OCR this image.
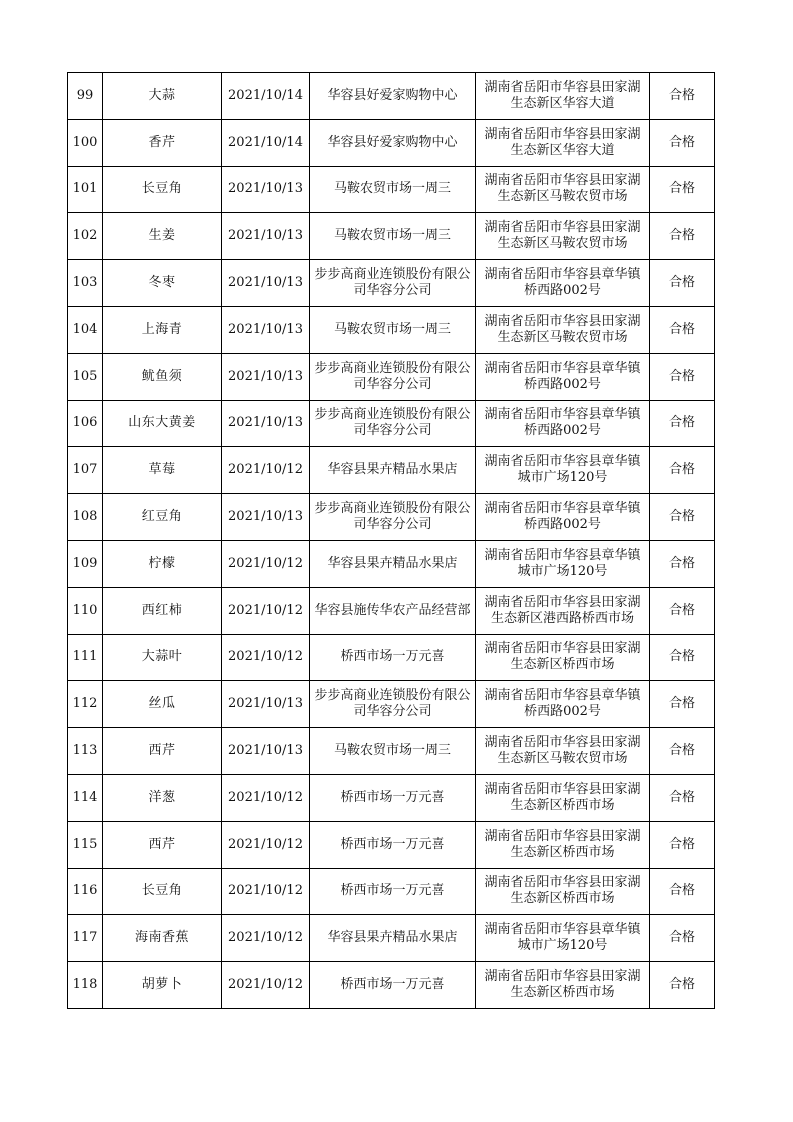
99	大蒜	2021/10/14	华容县好爱家购物中心	湖南省岳阳市华容县田家湖生态新区华容大道	合格
100	香芹	2021/10/14	华容县好爱家购物中心	湖南省岳阳市华容县田家湖生态新区华容大道	合格
101	长豆角	2021/10/13	马鞍农贸市场一周三	湖南省岳阳市华容县田家湖生态新区马鞍农贸市场	合格
102	生姜	2021/10/13	马鞍农贸市场一周三	湖南省岳阳市华容县田家湖生态新区马鞍农贸市场	合格
103	冬枣	2021/10/13	步步高商业连锁股份有限公司华容分公司	湖南省岳阳市华容县章华镇桥西路002号	合格
104	上海青	2021/10/13	马鞍农贸市场一周三	湖南省岳阳市华容县田家湖生态新区马鞍农贸市场	合格
105	鱿鱼须	2021/10/13	步步高商业连锁股份有限公司华容分公司	湖南省岳阳市华容县章华镇桥西路002号	合格
106	山东大黄姜	2021/10/13	步步高商业连锁股份有限公司华容分公司	湖南省岳阳市华容县章华镇桥西路002号	合格
107	草莓	2021/10/12	华容县果卉精品水果店	湖南省岳阳市华容县章华镇城市广场120号	合格
108	红豆角	2021/10/13	步步高商业连锁股份有限公司华容分公司	湖南省岳阳市华容县章华镇桥西路002号	合格
109	柠檬	2021/10/12	华容县果卉精品水果店	湖南省岳阳市华容县章华镇城市广场120号	合格
110	西红柿	2021/10/12	华容县施传华农产品经营部	湖南省岳阳市华容县田家湖生态新区港西路桥西市场	合格
111	大蒜叶	2021/10/12	桥西市场一万元喜	湖南省岳阳市华容县田家湖生态新区桥西市场	合格
112	丝瓜	2021/10/13	步步高商业连锁股份有限公司华容分公司	湖南省岳阳市华容县章华镇桥西路002号	合格
113	西芹	2021/10/13	马鞍农贸市场一周三	湖南省岳阳市华容县田家湖生态新区马鞍农贸市场	合格
114	洋葱	2021/10/12	桥西市场一万元喜	湖南省岳阳市华容县田家湖生态新区桥西市场	合格
115	西芹	2021/10/12	桥西市场一万元喜	湖南省岳阳市华容县田家湖生态新区桥西市场	合格
116	长豆角	2021/10/12	桥西市场一万元喜	湖南省岳阳市华容县田家湖生态新区桥西市场	合格
117	海南香蕉	2021/10/12	华容县果卉精品水果店	湖南省岳阳市华容县章华镇城市广场120号	合格
118	胡萝卜	2021/10/12	桥西市场一万元喜	湖南省岳阳市华容县田家湖生态新区桥西市场	合格
